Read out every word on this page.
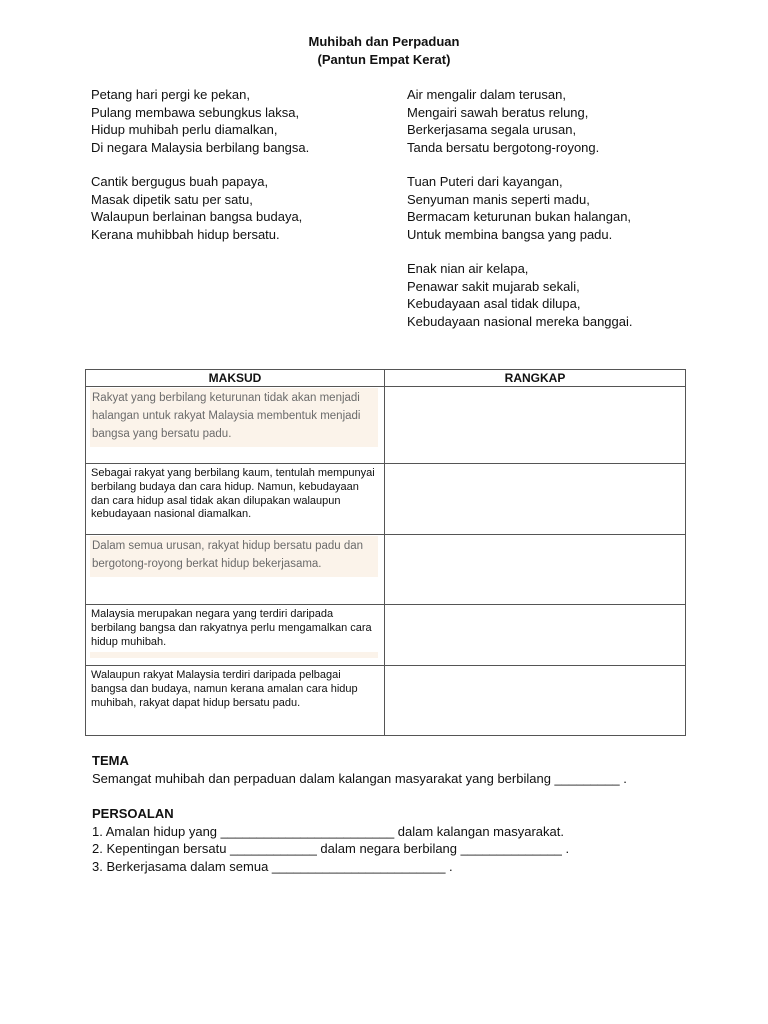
Muhibah dan Perpaduan
(Pantun Empat Kerat)
Petang hari pergi ke pekan,
Pulang membawa sebungkus laksa,
Hidup muhibah perlu diamalkan,
Di negara Malaysia berbilang bangsa.
Cantik bergugus buah papaya,
Masak dipetik satu per satu,
Walaupun berlainan bangsa budaya,
Kerana muhibbah hidup bersatu.
Air mengalir dalam terusan,
Mengairi sawah beratus relung,
Berkerjasama segala urusan,
Tanda bersatu bergotong-royong.
Tuan Puteri dari kayangan,
Senyuman manis seperti madu,
Bermacam keturunan bukan halangan,
Untuk membina bangsa yang padu.
Enak nian air kelapa,
Penawar sakit mujarab sekali,
Kebudayaan asal tidak dilupa,
Kebudayaan nasional mereka banggai.
MAKSUD	RANGKAP

Rakyat yang berbilang keturunan tidak akan menjadi halangan untuk rakyat Malaysia membentuk menjadi bangsa yang bersatu padu.	

Sebagai rakyat yang berbilang kaum, tentulah mempunyai berbilang budaya dan cara hidup. Namun, kebudayaan dan cara hidup asal tidak akan dilupakan walaupun kebudayaan nasional diamalkan.	

Dalam semua urusan, rakyat hidup bersatu padu dan bergotong-royong berkat hidup bekerjasama.	

Malaysia merupakan negara yang terdiri daripada berbilang bangsa dan rakyatnya perlu mengamalkan cara hidup muhibah.	

Walaupun rakyat Malaysia terdiri daripada pelbagai bangsa dan budaya, namun kerana amalan cara hidup muhibah, rakyat dapat hidup bersatu padu.	

TEMA
Semangat muhibah dan perpaduan dalam kalangan masyarakat yang berbilang _________ .
PERSOALAN
1. Amalan hidup yang ________________________ dalam kalangan masyarakat.
2. Kepentingan bersatu ____________ dalam negara berbilang ______________ .
3. Berkerjasama dalam semua ________________________ .
